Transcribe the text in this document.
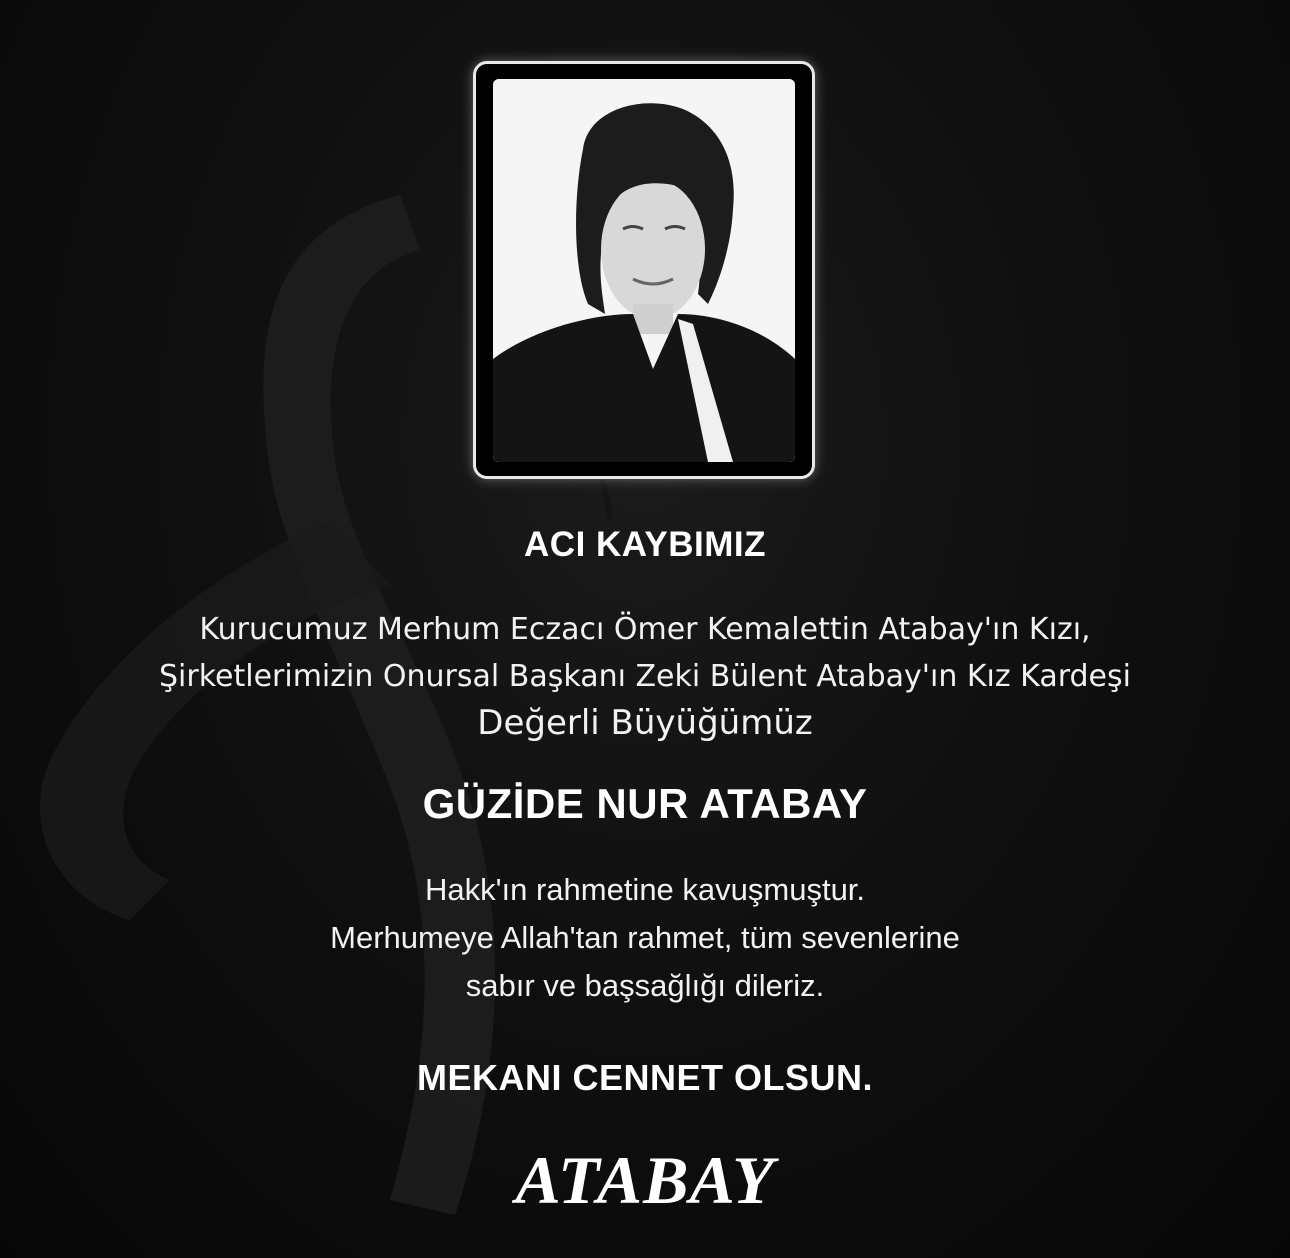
ACI KAYBIMIZ
Kurucumuz Merhum Eczacı Ömer Kemalettin Atabay'ın Kızı,
Şirketlerimizin Onursal Başkanı Zeki Bülent Atabay'ın Kız Kardeşi
Değerli Büyüğümüz
GÜZİDE NUR ATABAY
Hakk'ın rahmetine kavuşmuştur.
Merhumeye Allah'tan rahmet, tüm sevenlerine
sabır ve başsağlığı dileriz.
MEKANI CENNET OLSUN.
ATABAY
